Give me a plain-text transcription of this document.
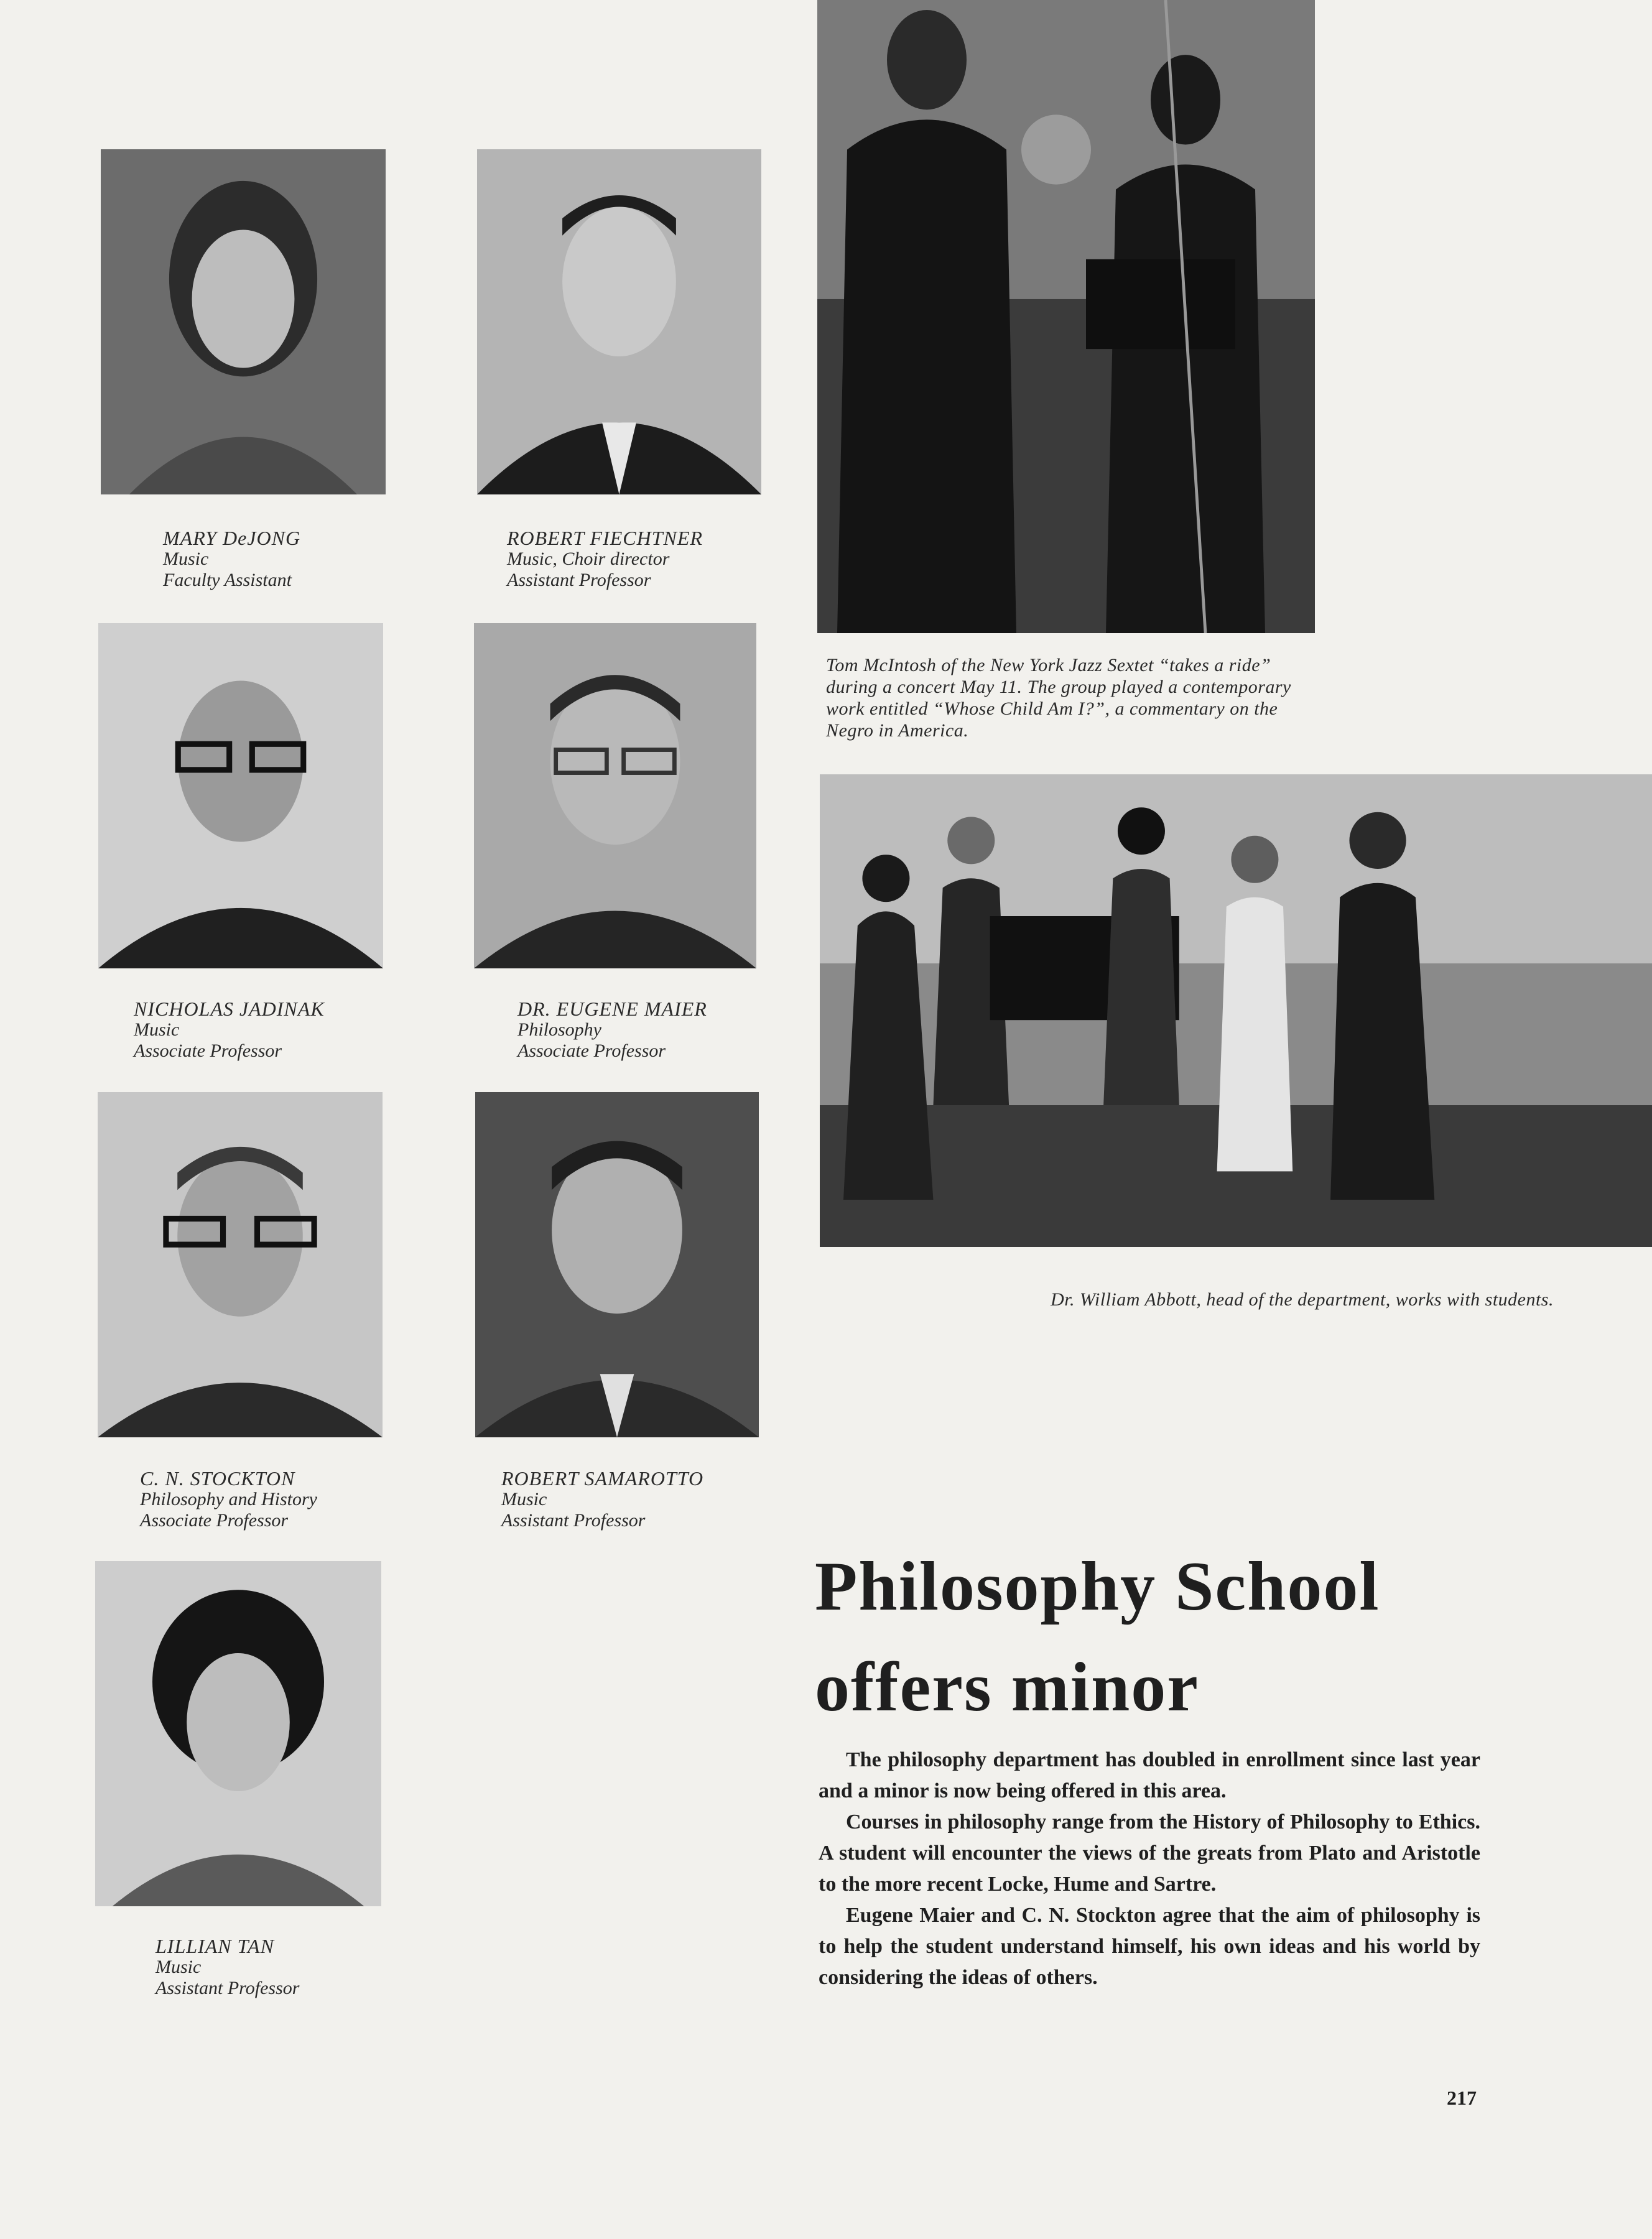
MARY DeJONG
Music
Faculty Assistant
ROBERT FIECHTNER
Music, Choir director
Assistant Professor
NICHOLAS JADINAK
Music
Associate Professor
DR. EUGENE MAIER
Philosophy
Associate Professor
C. N. STOCKTON
Philosophy and History
Associate Professor
ROBERT SAMAROTTO
Music
Assistant Professor
LILLIAN TAN
Music
Assistant Professor
Tom McIntosh of the New York Jazz Sextet “takes a ride” during a concert May 11. The group played a contemporary work entitled “Whose Child Am I?”, a commentary on the Negro in America.
Dr. William Abbott, head of the department, works with students.
Philosophy School
offers minor

The philosophy department has doubled in enrollment since last year and a minor is now being offered in this area.

Courses in philosophy range from the History of Philosophy to Ethics. A student will encounter the views of the greats from Plato and Aristotle to the more recent Locke, Hume and Sartre.

Eugene Maier and C. N. Stockton agree that the aim of philosophy is to help the student understand himself, his own ideas and his world by considering the ideas of others.

217
